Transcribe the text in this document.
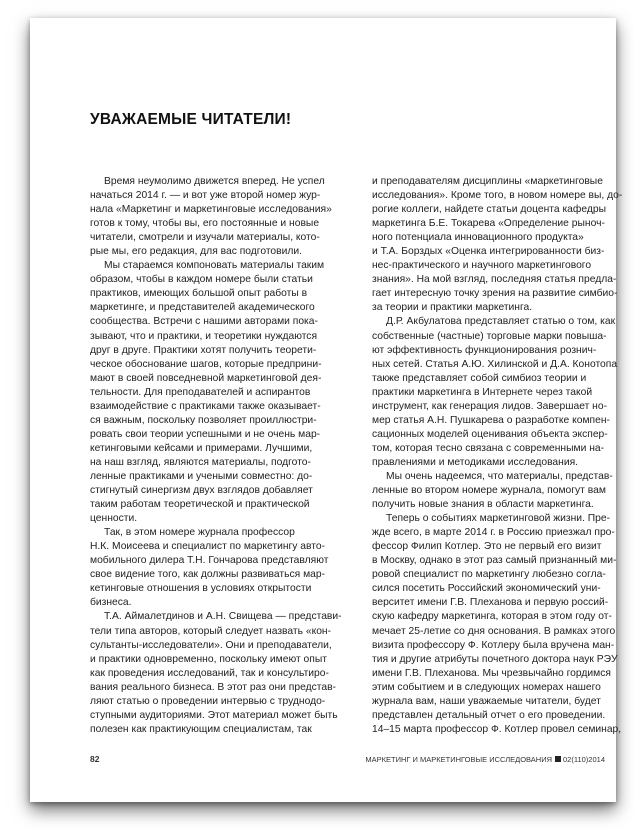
УВАЖАЕМЫЕ ЧИТАТЕЛИ!
Время неумолимо движется вперед. Не успел
начаться 2014 г. — и вот уже второй номер жур-
нала «Маркетинг и маркетинговые исследования»
готов к тому, чтобы вы, его постоянные и новые
читатели, смотрели и изучали материалы, кото-
рые мы, его редакция, для вас подготовили.
Мы стараемся компоновать материалы таким
образом, чтобы в каждом номере были статьи
практиков, имеющих большой опыт работы в
маркетинге, и представителей академического
сообщества. Встречи с нашими авторами пока-
зывают, что и практики, и теоретики нуждаются
друг в друге. Практики хотят получить теорети-
ческое обоснование шагов, которые предприни-
мают в своей повседневной маркетинговой дея-
тельности. Для преподавателей и аспирантов
взаимодействие с практиками также оказывает-
ся важным, поскольку позволяет проиллюстри-
ровать свои теории успешными и не очень мар-
кетинговыми кейсами и примерами. Лучшими,
на наш взгляд, являются материалы, подгото-
ленные практиками и учеными совместно: до-
стигнутый синергизм двух взглядов добавляет
таким работам теоретической и практической
ценности.
Так, в этом номере журнала профессор
Н.К. Моисеева и специалист по маркетингу авто-
мобильного дилера Т.Н. Гончарова представляют
свое видение того, как должны развиваться мар-
кетинговые отношения в условиях открытости
бизнеса.
Т.А. Аймалетдинов и А.Н. Свищева — представи-
тели типа авторов, который следует назвать «кон-
сультанты-исследователи». Они и преподаватели,
и практики одновременно, поскольку имеют опыт
как проведения исследований, так и консультиро-
вания реального бизнеса. В этот раз они представ-
ляют статью о проведении интервью с труднодо-
ступными аудиториями. Этот материал может быть
полезен как практикующим специалистам, так
и преподавателям дисциплины «маркетинговые
исследования». Кроме того, в новом номере вы, до-
рогие коллеги, найдете статьи доцента кафедры
маркетинга Б.Е. Токарева «Определение рыноч-
ного потенциала инновационного продукта»
и Т.А. Борздых «Оценка интегрированности биз-
нес-практического и научного маркетингового
знания». На мой взгляд, последняя статья предла-
гает интересную точку зрения на развитие симбио-
за теории и практики маркетинга.
Д.Р. Акбулатова представляет статью о том, как
собственные (частные) торговые марки повыша-
ют эффективность функционирования рознич-
ных сетей. Статья А.Ю. Хилинской и Д.А. Конотопа
также представляет собой симбиоз теории и
практики маркетинга в Интернете через такой
инструмент, как генерация лидов. Завершает но-
мер статья А.Н. Пушкарева о разработке компен-
сационных моделей оценивания объекта экспер-
том, которая тесно связана с современными на-
правлениями и методиками исследования.
Мы очень надеемся, что материалы, представ-
ленные во втором номере журнала, помогут вам
получить новые знания в области маркетинга.
Теперь о событиях маркетинговой жизни. Пре-
жде всего, в марте 2014 г. в Россию приезжал про-
фессор Филип Котлер. Это не первый его визит
в Москву, однако в этот раз самый признанный ми-
ровой специалист по маркетингу любезно согла-
сился посетить Российский экономический уни-
верситет имени Г.В. Плеханова и первую россий-
скую кафедру маркетинга, которая в этом году от-
мечает 25-летие со дня основания. В рамках этого
визита профессору Ф. Котлеру была вручена ман-
тия и другие атрибуты почетного доктора наук РЭУ
имени Г.В. Плеханова. Мы чрезвычайно гордимся
этим событием и в следующих номерах нашего
журнала вам, наши уважаемые читатели, будет
представлен детальный отчет о его проведении.
14–15 марта профессор Ф. Котлер провел семинар,
82	МАРКЕТИНГ И МАРКЕТИНГОВЫЕ ИССЛЕДОВАНИЯ 02(110)2014
